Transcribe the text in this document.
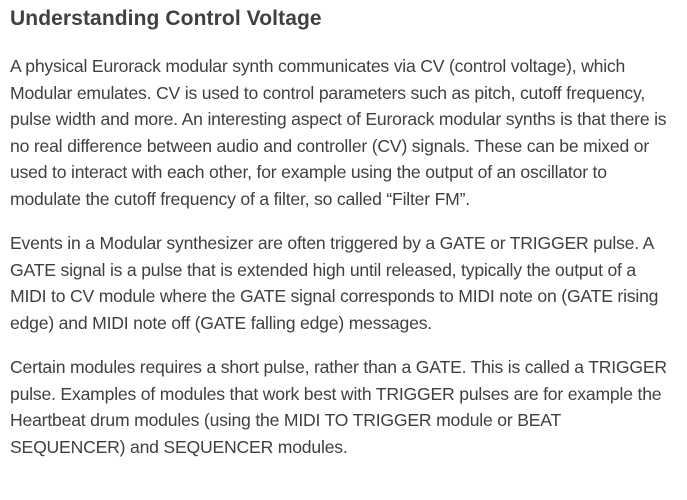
Understanding Control Voltage

A physical Eurorack modular synth communicates via CV (control voltage), which Modular emulates. CV is used to control parameters such as pitch, cutoff frequency, pulse width and more. An interesting aspect of Eurorack modular synths is that there is no real difference between audio and controller (CV) signals. These can be mixed or used to interact with each other, for example using the output of an oscillator to modulate the cutoff frequency of a filter, so called “Filter FM”.

Events in a Modular synthesizer are often triggered by a GATE or TRIGGER pulse. A GATE signal is a pulse that is extended high until released, typically the output of a MIDI to CV module where the GATE signal corresponds to MIDI note on (GATE rising edge) and MIDI note off (GATE falling edge) messages.

Certain modules requires a short pulse, rather than a GATE. This is called a TRIGGER pulse. Examples of modules that work best with TRIGGER pulses are for example the Heartbeat drum modules (using the MIDI TO TRIGGER module or BEAT SEQUENCER) and SEQUENCER modules.
